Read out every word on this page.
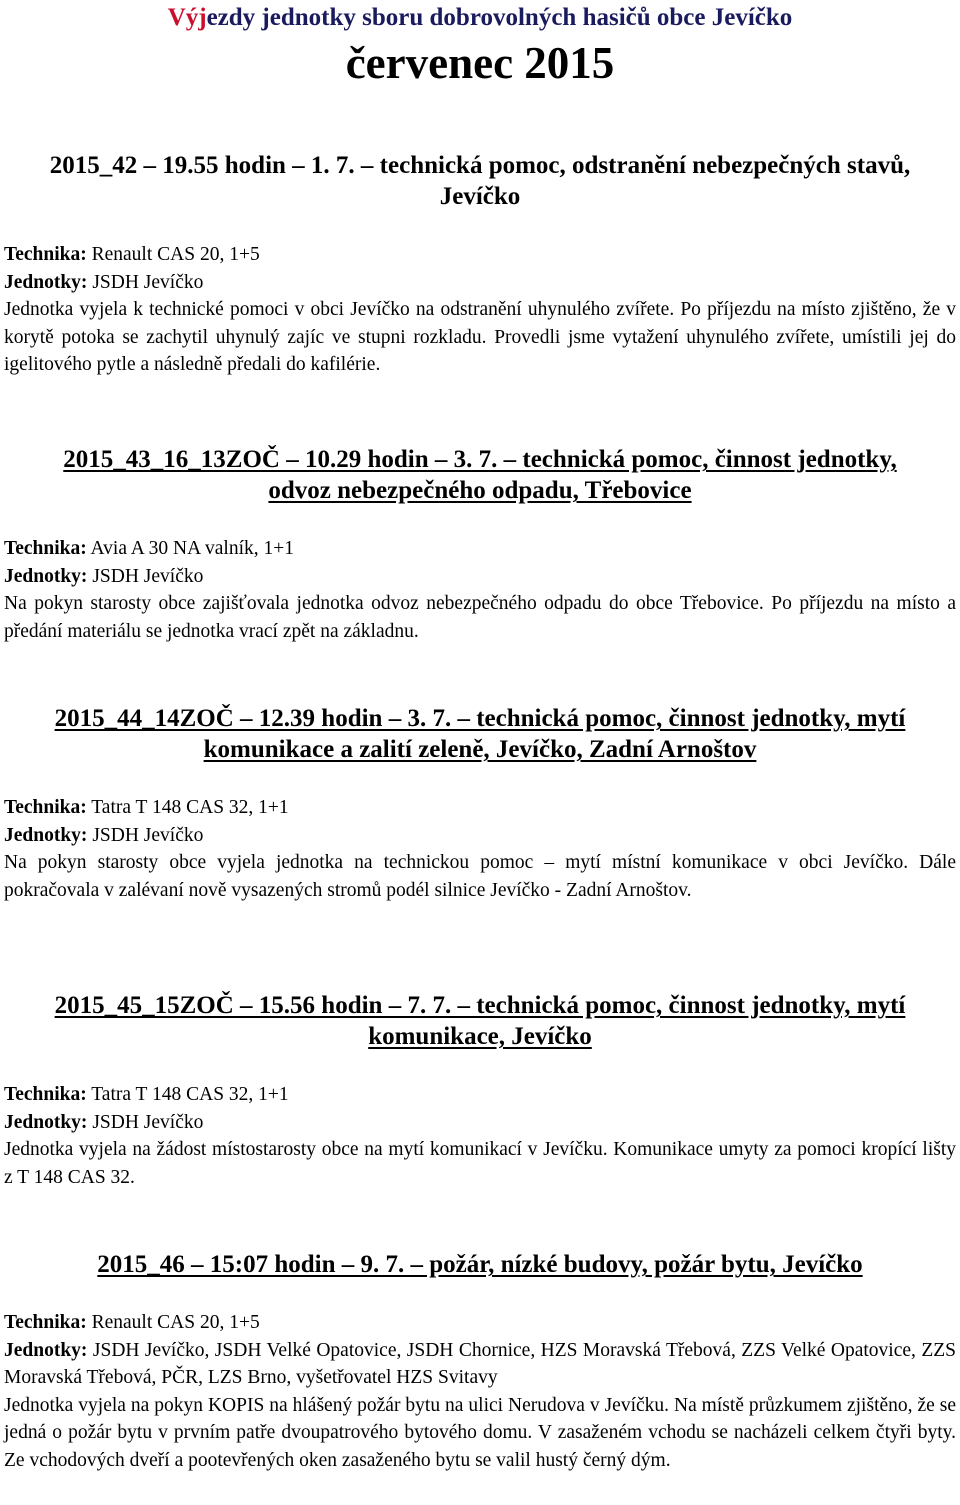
Výjezdy jednotky sboru dobrovolných hasičů obce Jevíčko

červenec 2015

2015_42 – 19.55 hodin – 1. 7. – technická pomoc, odstranění nebezpečných stavů,
Jevíčko

Technika: Renault CAS 20, 1+5

Jednotky: JSDH Jevíčko

Jednotka vyjela k technické pomoci v obci Jevíčko na odstranění uhynulého zvířete. Po příjezdu na místo zjištěno, že v korytě potoka se zachytil uhynulý zajíc ve stupni rozkladu. Provedli jsme vytažení uhynulého zvířete, umístili jej do igelitového pytle a následně předali do kafilérie.

2015_43_16_13ZOČ – 10.29 hodin – 3. 7. – technická pomoc, činnost jednotky,
odvoz nebezpečného odpadu, Třebovice

Technika: Avia A 30 NA valník, 1+1

Jednotky: JSDH Jevíčko

Na pokyn starosty obce zajišťovala jednotka odvoz nebezpečného odpadu do obce Třebovice. Po příjezdu na místo a předání materiálu se jednotka vrací zpět na základnu.

2015_44_14ZOČ – 12.39 hodin – 3. 7. – technická pomoc, činnost jednotky, mytí
komunikace a zalití zeleně, Jevíčko, Zadní Arnoštov

Technika: Tatra T 148 CAS 32, 1+1

Jednotky: JSDH Jevíčko

Na pokyn starosty obce vyjela jednotka na technickou pomoc – mytí místní komunikace v obci Jevíčko. Dále pokračovala v zalévaní nově vysazených stromů podél silnice Jevíčko - Zadní Arnoštov.

2015_45_15ZOČ – 15.56 hodin – 7. 7. – technická pomoc, činnost jednotky, mytí
komunikace, Jevíčko

Technika: Tatra T 148 CAS 32, 1+1

Jednotky: JSDH Jevíčko

Jednotka vyjela na žádost místostarosty obce na mytí komunikací v Jevíčku. Komunikace umyty za pomoci kropící lišty z T 148 CAS 32.

2015_46 – 15:07 hodin – 9. 7. – požár, nízké budovy, požár bytu, Jevíčko

Technika: Renault CAS 20, 1+5

Jednotky: JSDH Jevíčko, JSDH Velké Opatovice, JSDH Chornice, HZS Moravská Třebová, ZZS Velké Opatovice, ZZS Moravská Třebová, PČR, LZS Brno, vyšetřovatel HZS Svitavy

Jednotka vyjela na pokyn KOPIS na hlášený požár bytu na ulici Nerudova v Jevíčku. Na místě průzkumem zjištěno, že se jedná o požár bytu v prvním patře dvoupatrového bytového domu. V zasaženém vchodu se nacházeli celkem čtyři byty. Ze vchodových dveří a pootevřených oken zasaženého bytu se valil hustý černý dým.
